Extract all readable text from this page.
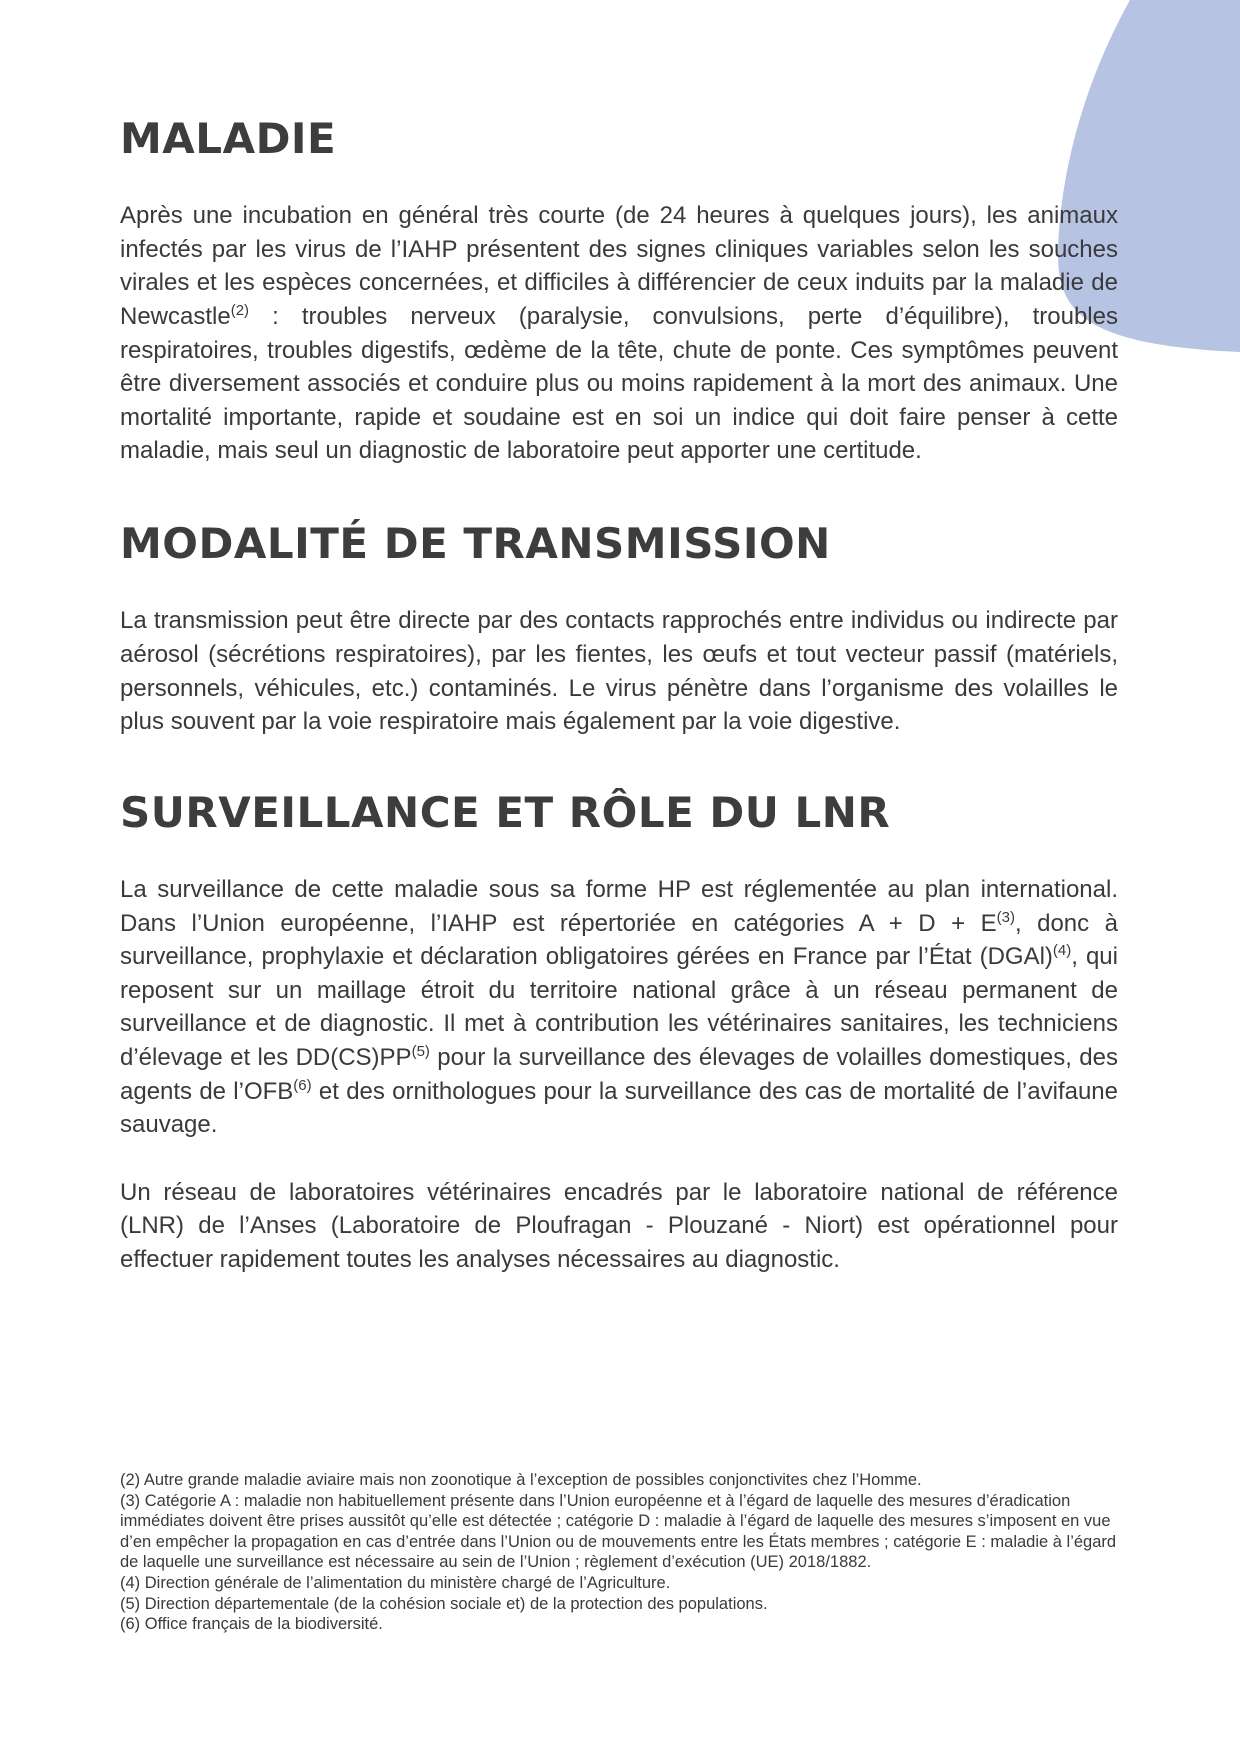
MALADIE

Après une incubation en général très courte (de 24 heures à quelques jours), les animaux infectés par les virus de l’IAHP présentent des signes cliniques variables selon les souches virales et les espèces concernées, et difficiles à différencier de ceux induits par la maladie de Newcastle$^{(2)}$ : troubles nerveux (paralysie, convulsions, perte d’équilibre), troubles respiratoires, troubles digestifs, œdème de la tête, chute de ponte. Ces symptômes peuvent être diversement associés et conduire plus ou moins rapidement à la mort des animaux. Une mortalité importante, rapide et soudaine est en soi un indice qui doit faire penser à cette maladie, mais seul un diagnostic de laboratoire peut apporter une certitude.

MODALITÉ DE TRANSMISSION

La transmission peut être directe par des contacts rapprochés entre individus ou indirecte par aérosol (sécrétions respiratoires), par les fientes, les œufs et tout vecteur passif (matériels, personnels, véhicules, etc.) contaminés. Le virus pénètre dans l’organisme des volailles le plus souvent par la voie respiratoire mais également par la voie digestive.

SURVEILLANCE ET RÔLE DU LNR

La surveillance de cette maladie sous sa forme HP est réglementée au plan international. Dans l’Union européenne, l’IAHP est répertoriée en catégories $A + D + E^{(3)}$, donc à surveillance, prophylaxie et déclaration obligatoires gérées en France par l’État (DGAl)$^{(4)}$, qui reposent sur un maillage étroit du territoire national grâce à un réseau permanent de surveillance et de diagnostic. Il met à contribution les vétérinaires sanitaires, les techniciens d’élevage et les DD(CS)PP$^{(5)}$ pour la surveillance des élevages de volailles domestiques, des agents de l’OFB$^{(6)}$ et des ornithologues pour la surveillance des cas de mortalité de l’avifaune sauvage.

Un réseau de laboratoires vétérinaires encadrés par le laboratoire national de référence (LNR) de l’Anses (Laboratoire de Ploufragan - Plouzané - Niort) est opérationnel pour effectuer rapidement toutes les analyses nécessaires au diagnostic.

(2) Autre grande maladie aviaire mais non zoonotique à l’exception de possibles conjonctivites chez l’Homme.

(3) Catégorie A : maladie non habituellement présente dans l’Union européenne et à l’égard de laquelle des mesures d’éradication immédiates doivent être prises aussitôt qu’elle est détectée ; catégorie D : maladie à l’égard de laquelle des mesures s’imposent en vue d’en empêcher la propagation en cas d’entrée dans l’Union ou de mouvements entre les États membres ; catégorie E : maladie à l’égard de laquelle une surveillance est nécessaire au sein de l’Union ; règlement d’exécution (UE) 2018/1882.

(4) Direction générale de l’alimentation du ministère chargé de l’Agriculture.

(5) Direction départementale (de la cohésion sociale et) de la protection des populations.

(6) Office français de la biodiversité.
